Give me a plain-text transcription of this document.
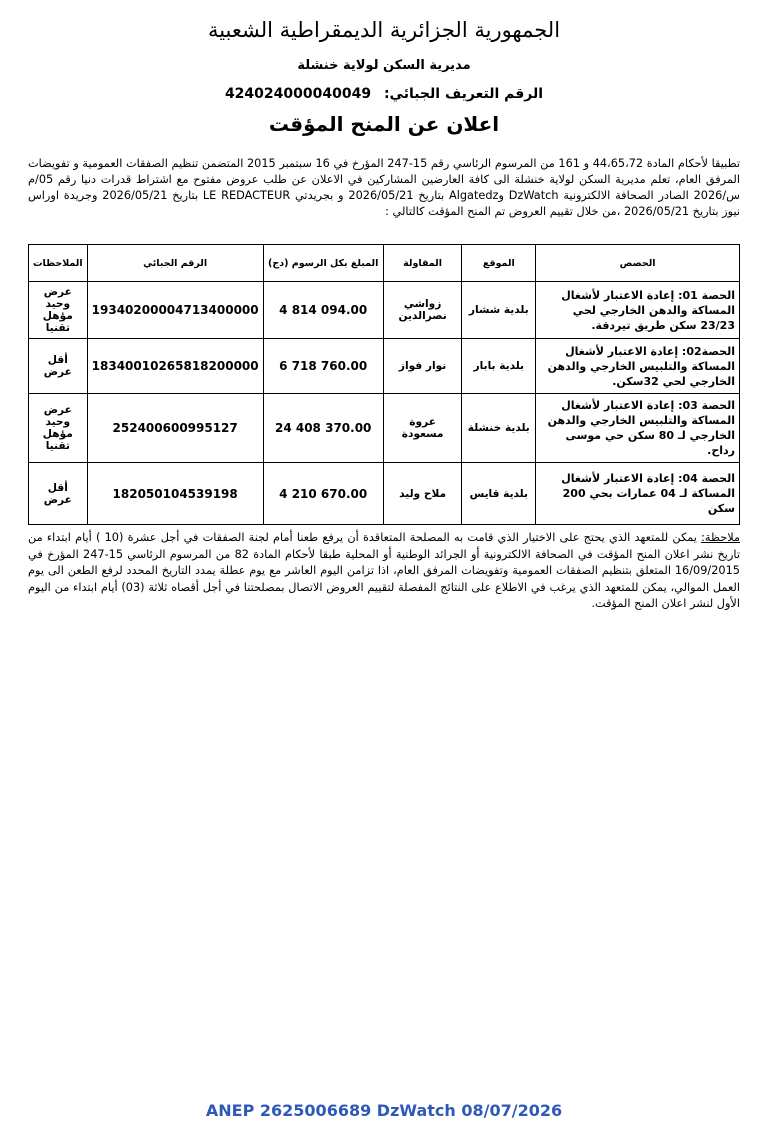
الجمهورية الجزائرية الديمقراطية الشعبية
مديرية السكن لولاية خنشلة
الرقم التعريف الجبائي: 424024000040049
اعلان عن المنح المؤقت
تطبيقا لأحكام المادة 44،65،72 و 161 من المرسوم الرئاسي رقم 15-247 المؤرخ في 16 سبتمبر 2015 المتضمن تنظيم الصفقات العمومية و تفويضات المرفق العام، تعلم مديرية السكن لولاية خنشلة الى كافة العارضين المشاركين في الاعلان عن طلب عروض مفتوح مع اشتراط قدرات دنيا رقم 05/م س/2026 الصادر الصحافة الالكترونية DzWatch وAlgatedz بتاريخ 2026/05/21 و بجريدتي LE REDACTEUR بتاريخ 2026/05/21 وجريدة اوراس نيوز بتاريخ 2026/05/21 ،من خلال تقييم العروض تم المنح المؤقت كالتالي :
الحصص	الموقع	المقاولة	المبلغ بكل الرسوم (دج)	الرقم الجبائي	الملاحظات
الحصة 01: إعادة الاعتبار لأشغال المساكة والدهن الخارجي لحي 23/23 سكن طريق تيردقة.	بلدية ششار	زواشي نصرالدين	4 814 094.00	19340200004713400000	عرض وحيد مؤهل تقنيا
الحصة02: إعادة الاعتبار لأشغال المساكة والتلبيس الخارجي والدهن الخارجي لحي 32سكن.	بلدية بابار	نوار فواز	6 718 760.00	18340010265818200000	أقل عرض
الحصة 03: إعادة الاعتبار لأشغال المساكة والتلبيس الخارجي والدهن الخارجي لـ 80 سكن حي موسى رداح.	بلدية خنشلة	عروة مسعودة	24 408 370.00	252400600995127	عرض وحيد مؤهل تقنيا
الحصة 04: إعادة الاعتبار لأشغال المساكة لـ 04 عمارات بحي 200 سكن	بلدية قايس	ملاح وليد	4 210 670.00	182050104539198	أقل عرض
ملاحظة: يمكن للمتعهد الذي يحتج على الاختيار الذي قامت به المصلحة المتعاقدة أن يرفع طعنا أمام لجنة الصفقات في أجل عشرة (10 ) أيام ابتداء من تاريخ نشر اعلان المنح المؤقت في الصحافة الالكترونية أو الجرائد الوطنية أو المحلية طبقا لأحكام المادة 82 من المرسوم الرئاسي 15-247 المؤرخ في 16/09/2015 المتعلق بتنظيم الصفقات العمومية وتفويضات المرفق العام، اذا تزامن اليوم العاشر مع يوم عطلة يمدد التاريخ المحدد لرفع الطعن الى يوم العمل الموالي، يمكن للمتعهد الذي يرغب في الاطلاع على النتائج المفصلة لتقييم العروض الاتصال بمصلحتنا في أجل أقصاه ثلاثة (03) أيام ابتداء من اليوم الأول لنشر اعلان المنح المؤقت.
ANEP 2625006689 DzWatch 08/07/2026
